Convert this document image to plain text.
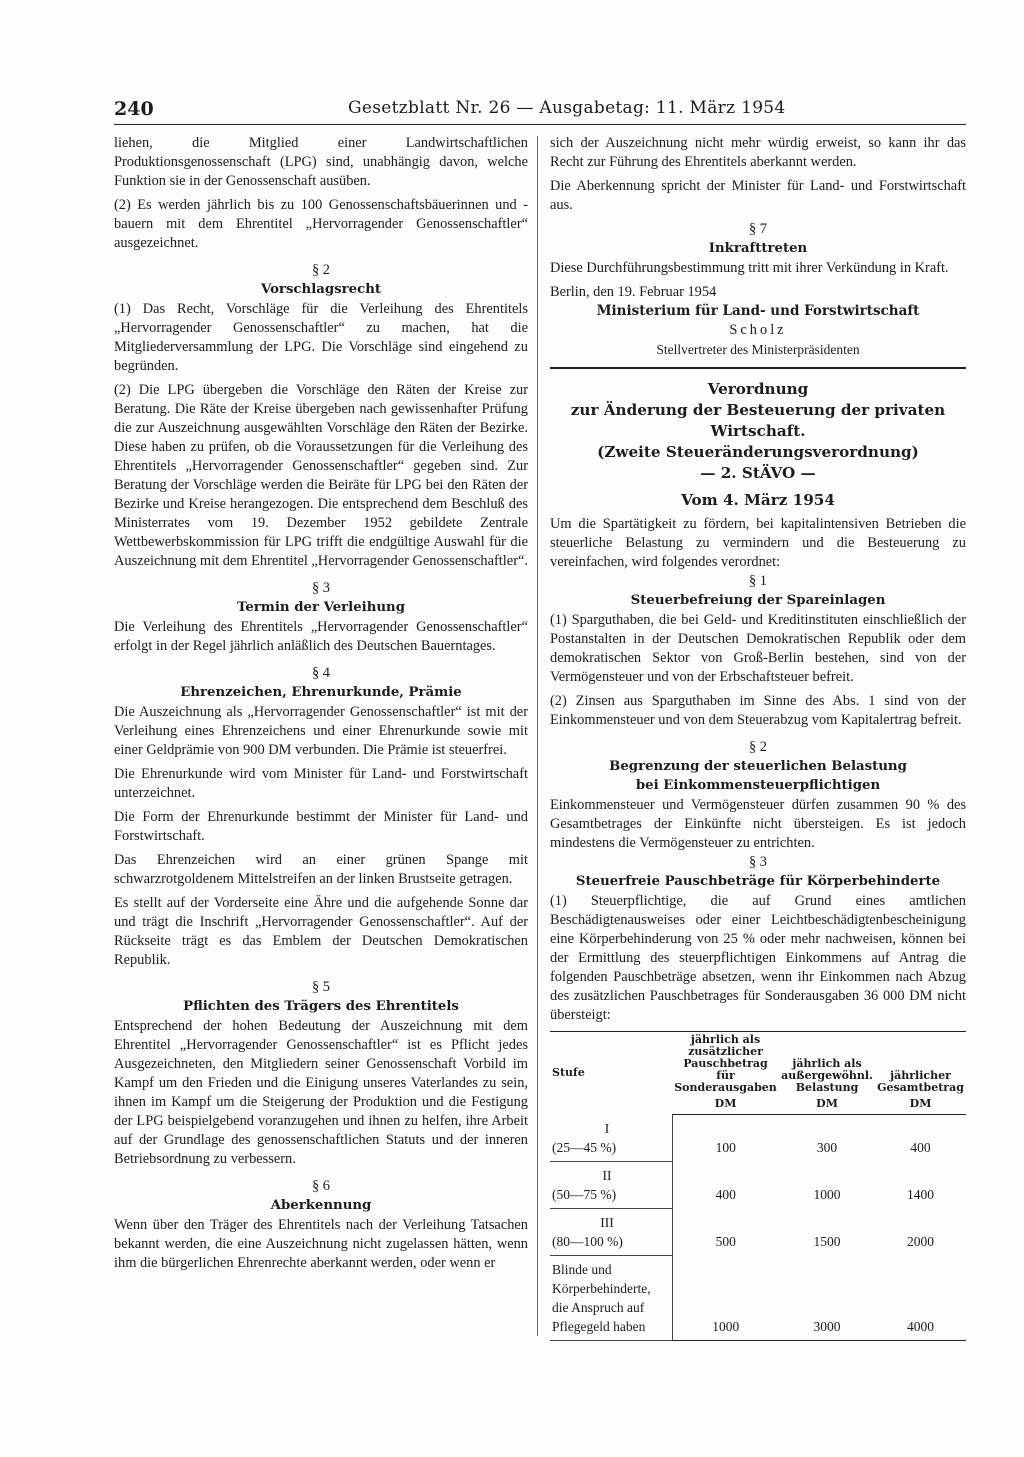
240	Gesetzblatt Nr. 26 — Ausgabetag: 11. März 1954

liehen, die Mitglied einer Landwirtschaftlichen Produktionsgenossenschaft (LPG) sind, unabhängig davon, welche Funktion sie in der Genossenschaft ausüben.

(2) Es werden jährlich bis zu 100 Genossenschaftsbäuerinnen und -bauern mit dem Ehrentitel „Hervorragender Genossenschaftler“ ausgezeichnet.

§ 2
Vorschlagsrecht

(1) Das Recht, Vorschläge für die Verleihung des Ehrentitels „Hervorragender Genossenschaftler“ zu machen, hat die Mitgliederversammlung der LPG. Die Vorschläge sind eingehend zu begründen.

(2) Die LPG übergeben die Vorschläge den Räten der Kreise zur Beratung. Die Räte der Kreise übergeben nach gewissenhafter Prüfung die zur Auszeichnung ausgewählten Vorschläge den Räten der Bezirke. Diese haben zu prüfen, ob die Voraussetzungen für die Verleihung des Ehrentitels „Hervorragender Genossenschaftler“ gegeben sind. Zur Beratung der Vorschläge werden die Beiräte für LPG bei den Räten der Bezirke und Kreise herangezogen. Die entsprechend dem Beschluß des Ministerrates vom 19. Dezember 1952 gebildete Zentrale Wettbewerbskommission für LPG trifft die endgültige Auswahl für die Auszeichnung mit dem Ehrentitel „Hervorragender Genossenschaftler“.

§ 3
Termin der Verleihung

Die Verleihung des Ehrentitels „Hervorragender Genossenschaftler“ erfolgt in der Regel jährlich anläßlich des Deutschen Bauerntages.

§ 4
Ehrenzeichen, Ehrenurkunde, Prämie

Die Auszeichnung als „Hervorragender Genossenschaftler“ ist mit der Verleihung eines Ehrenzeichens und einer Ehrenurkunde sowie mit einer Geldprämie von 900 DM verbunden. Die Prämie ist steuerfrei.

Die Ehrenurkunde wird vom Minister für Land- und Forstwirtschaft unterzeichnet.

Die Form der Ehrenurkunde bestimmt der Minister für Land- und Forstwirtschaft.

Das Ehrenzeichen wird an einer grünen Spange mit schwarzrotgoldenem Mittelstreifen an der linken Brustseite getragen.

Es stellt auf der Vorderseite eine Ähre und die aufgehende Sonne dar und trägt die Inschrift „Hervorragender Genossenschaftler“. Auf der Rückseite trägt es das Emblem der Deutschen Demokratischen Republik.

§ 5
Pflichten des Trägers des Ehrentitels

Entsprechend der hohen Bedeutung der Auszeichnung mit dem Ehrentitel „Hervorragender Genossenschaftler“ ist es Pflicht jedes Ausgezeichneten, den Mitgliedern seiner Genossenschaft Vorbild im Kampf um den Frieden und die Einigung unseres Vaterlandes zu sein, ihnen im Kampf um die Steigerung der Produktion und die Festigung der LPG beispielgebend voranzugehen und ihnen zu helfen, ihre Arbeit auf der Grundlage des genossenschaftlichen Statuts und der inneren Betriebsordnung zu verbessern.

§ 6
Aberkennung

Wenn über den Träger des Ehrentitels nach der Verleihung Tatsachen bekannt werden, die eine Auszeichnung nicht zugelassen hätten, wenn ihm die bürgerlichen Ehrenrechte aberkannt werden, oder wenn er

sich der Auszeichnung nicht mehr würdig erweist, so kann ihr das Recht zur Führung des Ehrentitels aberkannt werden.

Die Aberkennung spricht der Minister für Land- und Forstwirtschaft aus.

§ 7
Inkrafttreten

Diese Durchführungsbestimmung tritt mit ihrer Verkündung in Kraft.

Berlin, den 19. Februar 1954

Ministerium für Land- und Forstwirtschaft
Scholz
Stellvertreter des Ministerpräsidenten
Verordnung
zur Änderung der Besteuerung der privaten Wirtschaft.
(Zweite Steueränderungsverordnung)
— 2. StÄVO —
Vom 4. März 1954

Um die Spartätigkeit zu fördern, bei kapitalintensiven Betrieben die steuerliche Belastung zu vermindern und die Besteuerung zu vereinfachen, wird folgendes verordnet:

§ 1
Steuerbefreiung der Spareinlagen

(1) Sparguthaben, die bei Geld- und Kreditinstituten einschließlich der Postanstalten in der Deutschen Demokratischen Republik oder dem demokratischen Sektor von Groß-Berlin bestehen, sind von der Vermögensteuer und von der Erbschaftsteuer befreit.

(2) Zinsen aus Sparguthaben im Sinne des Abs. 1 sind von der Einkommensteuer und von dem Steuerabzug vom Kapitalertrag befreit.

§ 2
Begrenzung der steuerlichen Belastung
bei Einkommensteuerpflichtigen

Einkommensteuer und Vermögensteuer dürfen zusammen 90 % des Gesamtbetrages der Einkünfte nicht übersteigen. Es ist jedoch mindestens die Vermögensteuer zu entrichten.

§ 3
Steuerfreie Pauschbeträge für Körperbehinderte

(1) Steuerpflichtige, die auf Grund eines amtlichen Beschädigtenausweises oder einer Leichtbeschädigtenbescheinigung eine Körperbehinderung von 25 % oder mehr nachweisen, können bei der Ermittlung des steuerpflichtigen Einkommens auf Antrag die folgenden Pauschbeträge absetzen, wenn ihr Einkommen nach Abzug des zusätzlichen Pauschbetrages für Sonderausgaben 36 000 DM nicht übersteigt:

Stufe	jährlich als zusätzlicher Pauschbetrag für Sonderausgaben	jährlich als außergewöhnl. Belastung	jährlicher Gesamtbetrag
	DM	DM	DM

I
(25—45 %)	100	300	400

II
(50—75 %)	400	1000	1400

III
(80—100 %)	500	1500	2000
Blinde und Körperbehinderte, die Anspruch auf Pflegegeld haben	1000	3000	4000
